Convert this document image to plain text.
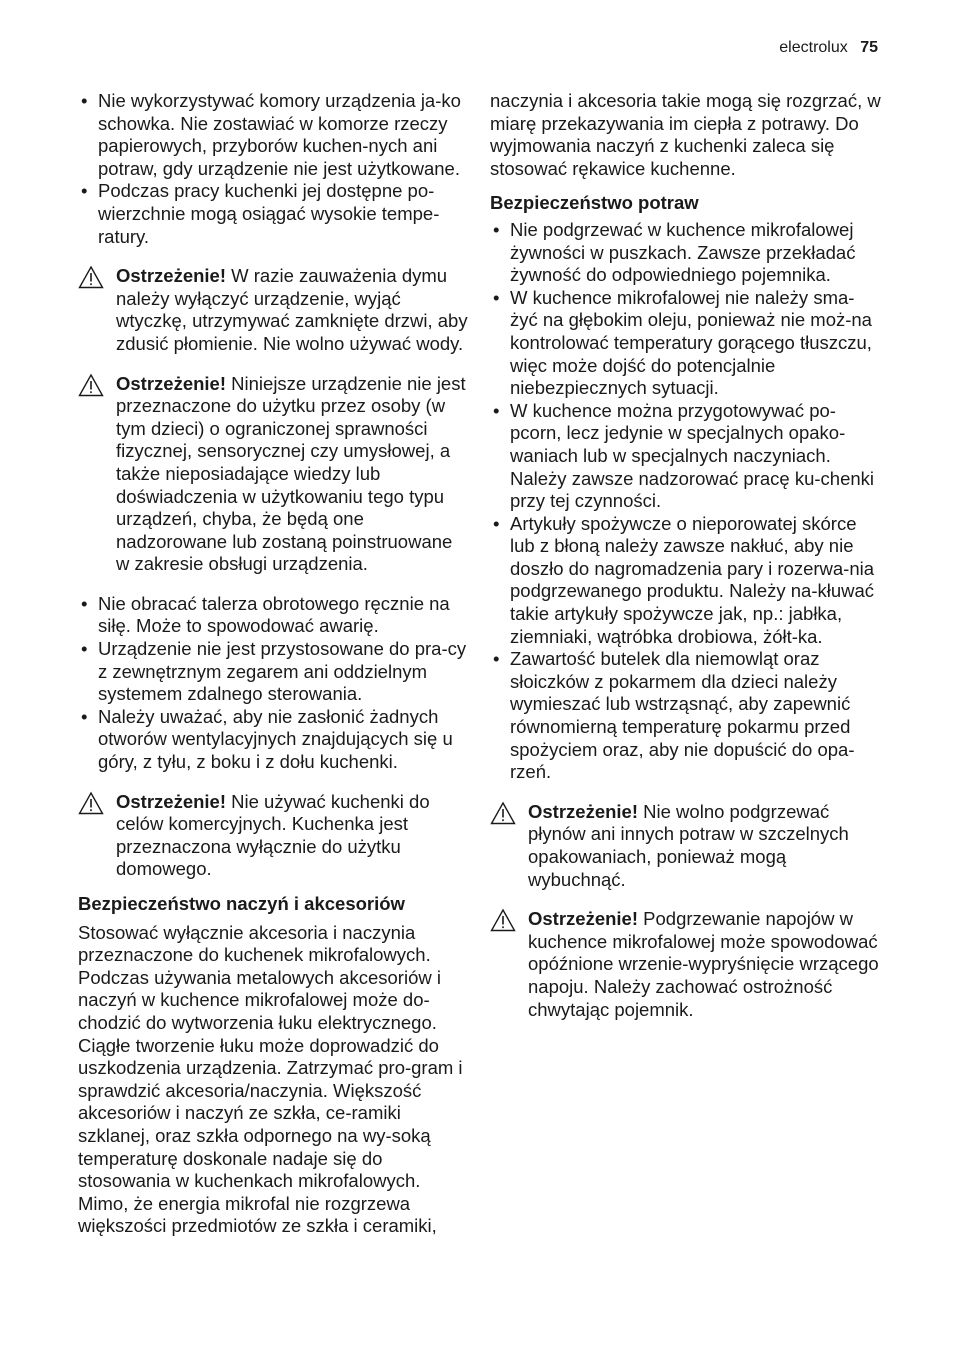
electrolux 75
• Nie wykorzystywać komory urządzenia ja-ko schowka. Nie zostawiać w komorze rzeczy papierowych, przyborów kuchen-nych ani potraw, gdy urządzenie nie jest użytkowane.
• Podczas pracy kuchenki jej dostępne po-wierzchnie mogą osiągać wysokie tempe-ratury.

Ostrzeżenie! W razie zauważenia dymu należy wyłączyć urządzenie, wyjąć wtyczkę, utrzymywać zamknięte drzwi, aby zdusić płomienie. Nie wolno używać wody.

Ostrzeżenie! Niniejsze urządzenie nie jest przeznaczone do użytku przez osoby (w tym dzieci) o ograniczonej sprawności fizycznej, sensorycznej czy umysłowej, a także nieposiadające wiedzy lub doświadczenia w użytkowaniu tego typu urządzeń, chyba, że będą one nadzorowane lub zostaną poinstruowane w zakresie obsługi urządzenia.

• Nie obracać talerza obrotowego ręcznie na siłę. Może to spowodować awarię.
• Urządzenie nie jest przystosowane do pra-cy z zewnętrznym zegarem ani oddzielnym systemem zdalnego sterowania.
• Należy uważać, aby nie zasłonić żadnych otworów wentylacyjnych znajdujących się u góry, z tyłu, z boku i z dołu kuchenki.

Ostrzeżenie! Nie używać kuchenki do celów komercyjnych. Kuchenka jest przeznaczona wyłącznie do użytku domowego.

Bezpieczeństwo naczyń i akcesoriów

Stosować wyłącznie akcesoria i naczynia przeznaczone do kuchenek mikrofalowych. Podczas używania metalowych akcesoriów i naczyń w kuchence mikrofalowej może do-chodzić do wytworzenia łuku elektrycznego. Ciągłe tworzenie łuku może doprowadzić do uszkodzenia urządzenia. Zatrzymać pro-gram i sprawdzić akcesoria/naczynia. Większość akcesoriów i naczyń ze szkła, ce-ramiki szklanej, oraz szkła odpornego na wy-soką temperaturę doskonale nadaje się do stosowania w kuchenkach mikrofalowych. Mimo, że energia mikrofal nie rozgrzewa większości przedmiotów ze szkła i ceramiki,

naczynia i akcesoria takie mogą się rozgrzać, w miarę przekazywania im ciepła z potrawy. Do wyjmowania naczyń z kuchenki zaleca się stosować rękawice kuchenne.

Bezpieczeństwo potraw
• Nie podgrzewać w kuchence mikrofalowej żywności w puszkach. Zawsze przekładać żywność do odpowiedniego pojemnika.
• W kuchence mikrofalowej nie należy sma-żyć na głębokim oleju, ponieważ nie moż-na kontrolować temperatury gorącego tłuszczu, więc może dojść do potencjalnie niebezpiecznych sytuacji.
• W kuchence można przygotowywać po-pcorn, lecz jedynie w specjalnych opako-waniach lub w specjalnych naczyniach. Należy zawsze nadzorować pracę ku-chenki przy tej czynności.
• Artykuły spożywcze o nieporowatej skórce lub z błoną należy zawsze nakłuć, aby nie doszło do nagromadzenia pary i rozerwa-nia podgrzewanego produktu. Należy na-kłuwać takie artykuły spożywcze jak, np.: jabłka, ziemniaki, wątróbka drobiowa, żółt-ka.
• Zawartość butelek dla niemowląt oraz słoiczków z pokarmem dla dzieci należy wymieszać lub wstrząsnąć, aby zapewnić równomierną temperaturę pokarmu przed spożyciem oraz, aby nie dopuścić do opa-rzeń.

Ostrzeżenie! Nie wolno podgrzewać płynów ani innych potraw w szczelnych opakowaniach, ponieważ mogą wybuchnąć.

Ostrzeżenie! Podgrzewanie napojów w kuchence mikrofalowej może spowodować opóźnione wrzenie-wypryśnięcie wrzącego napoju. Należy zachować ostrożność chwytając pojemnik.
